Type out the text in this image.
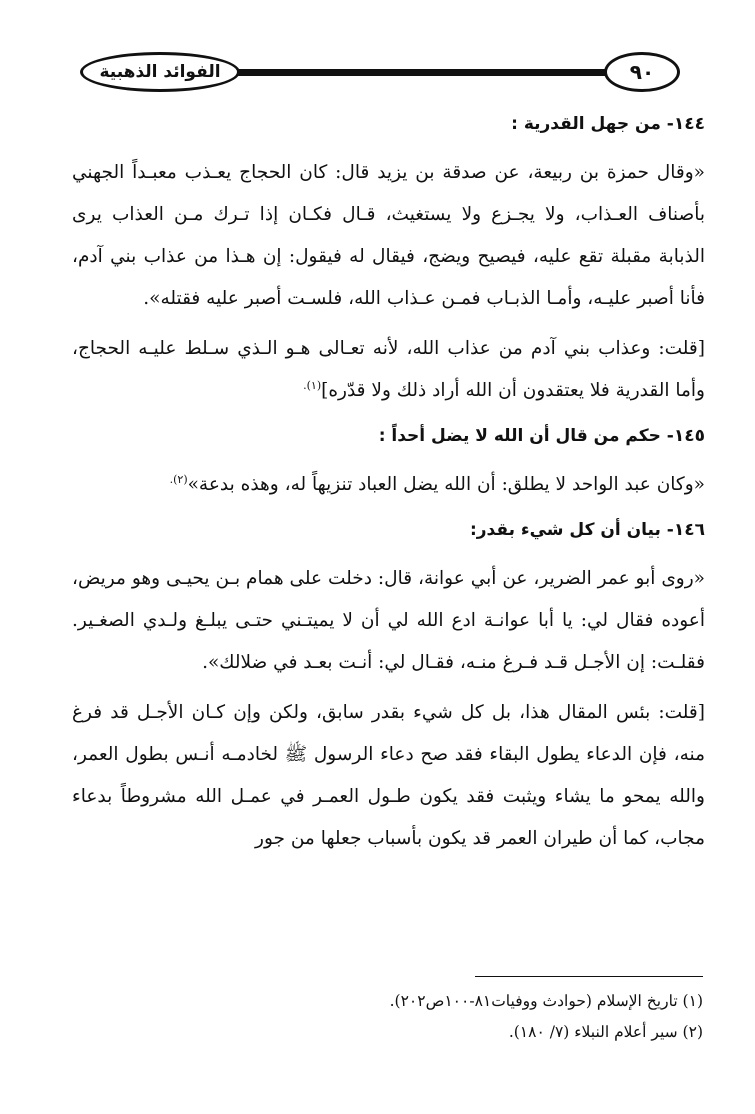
الفوائد الذهبية	٩٠
١٤٤- من جهل القدرية :

«وقال حمزة بن ربيعة، عن صدقة بن يزيد قال: كان الحجاج يعـذب معبـداً الجهني بأصناف العـذاب، ولا يجـزع ولا يستغيث، قـال فكـان إذا تـرك مـن العذاب يرى الذبابة مقبلة تقع عليه، فيصيح ويضج، فيقال له فيقول: إن هـذا من عذاب بني آدم، فأنا أصبر عليـه، وأمـا الذبـاب فمـن عـذاب الله، فلسـت أصبر عليه فقتله».

[قلت: وعذاب بني آدم من عذاب الله، لأنه تعـالى هـو الـذي سـلط عليـه الحجاج، وأما القدرية فلا يعتقدون أن الله أراد ذلك ولا قدّره]$^{(١).}$

١٤٥- حكم من قال أن الله لا يضل أحداً :

«وكان عبد الواحد لا يطلق: أن الله يضل العباد تنزيهاً له، وهذه بدعة»$^{(٢).}$

١٤٦- بيان أن كل شيء بقدر:

«روى أبو عمر الضرير، عن أبي عوانة، قال: دخلت على همام بـن يحيـى وهو مريض، أعوده فقال لي: يا أبا عوانـة ادع الله لي أن لا يميتـني حتـى يبلـغ ولـدي الصغـير. فقلـت: إن الأجـل قـد فـرغ منـه، فقـال لي: أنـت بعـد في ضلالك».

[قلت: بئس المقال هذا، بل كل شيء بقدر سابق، ولكن وإن كـان الأجـل قد فرغ منه، فإن الدعاء يطول البقاء فقد صح دعاء الرسول ﷺ لخادمـه أنـس بطول العمر، والله يمحو ما يشاء ويثبت فقد يكون طـول العمـر في عمـل الله مشروطاً بدعاء مجاب، كما أن طيران العمر قد يكون بأسباب جعلها من جور

(١) تاريخ الإسلام (حوادث ووفيات٨١-١٠٠ص٢٠٢).

(٢) سير أعلام النبلاء (٧/ ١٨٠).
